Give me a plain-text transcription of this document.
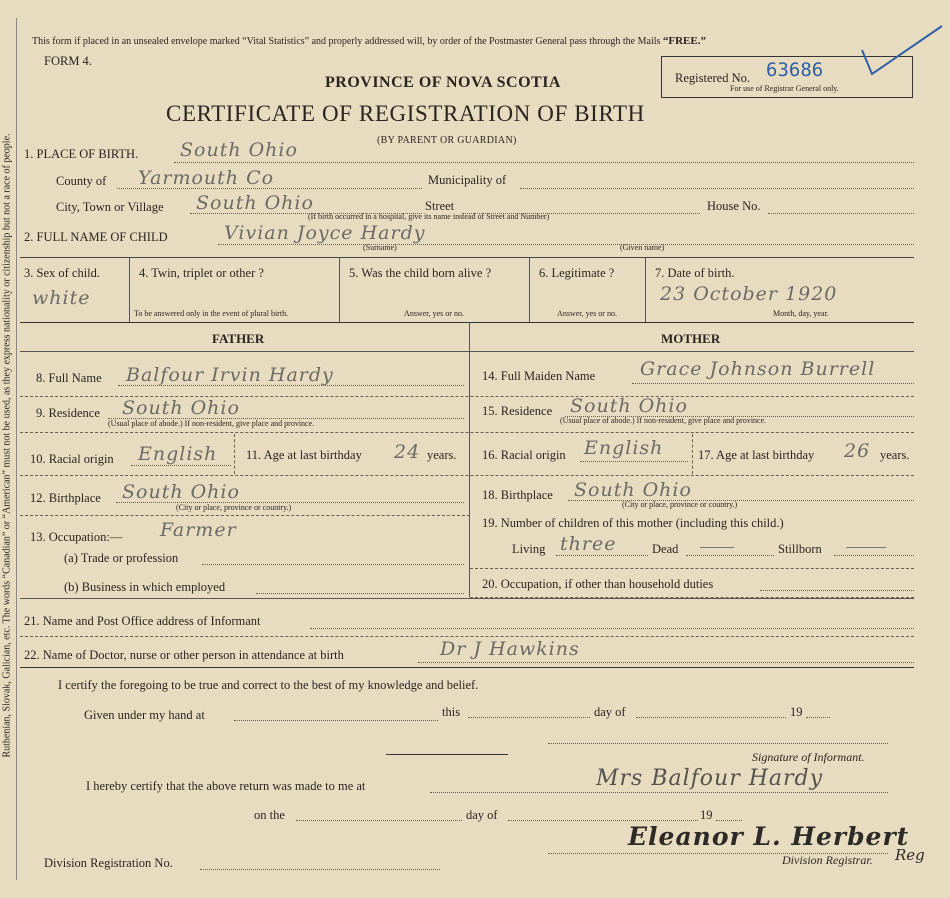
Ruthenian, Slovak, Galician, etc. The words “Canadian” or “American” must not be used, as they express nationality or citizenship but not a race of people.
This form if placed in an unsealed envelope marked “Vital Statistics” and properly addressed will, by order of the Postmaster General pass through the Mails “FREE.”
FORM 4.
PROVINCE OF NOVA SCOTIA
CERTIFICATE OF REGISTRATION OF BIRTH
(BY PARENT OR GUARDIAN)
Registered No. 63686
For use of Registrar General only.
1. PLACE OF BIRTH. South Ohio
County of Yarmouth Co	Municipality of
City, Town or Village South Ohio	Street	House No.
(If birth occurred in a hospital, give its name instead of Street and Number)
2. FULL NAME OF CHILD	Vivian Joyce Hardy
(Surname)	(Given name)
3. Sex of child.
white
4. Twin, triplet or other ?
To be answered only in the event of plural birth.
5. Was the child born alive ?
Answer, yes or no.
6. Legitimate ?
Answer, yes or no.
7. Date of birth.
23 October 1920
Month, day, year.
FATHER	MOTHER
8. Full Name Balfour Irvin Hardy
9. Residence South Ohio
(Usual place of abode.) If non-resident, give place and province.
10. Racial origin English 11. Age at last birthday 24 years.
12. Birthplace South Ohio
(City or place, province or country.)
13. Occupation:— Farmer
(a) Trade or profession
(b) Business in which employed
14. Full Maiden Name Grace Johnson Burrell
15. Residence South Ohio
(Usual place of abode.) If non-resident, give place and province.
16. Racial origin English	17. Age at last birthday 26 years.
18. Birthplace South Ohio
(City or place, province or country.)
19. Number of children of this mother (including this child.)
Living three	Dead	Stillborn
20. Occupation, if other than household duties
21. Name and Post Office address of Informant
22. Name of Doctor, nurse or other person in attendance at birth	Dr J Hawkins
I certify the foregoing to be true and correct to the best of my knowledge and belief.
Given under my hand at	this	day of	19
Signature of Informant.
I hereby certify that the above return was made to me at	Mrs Balfour Hardy
on the	day of	19
Eleanor L. Herbert
Division Registrar. Reg
Division Registration No.
